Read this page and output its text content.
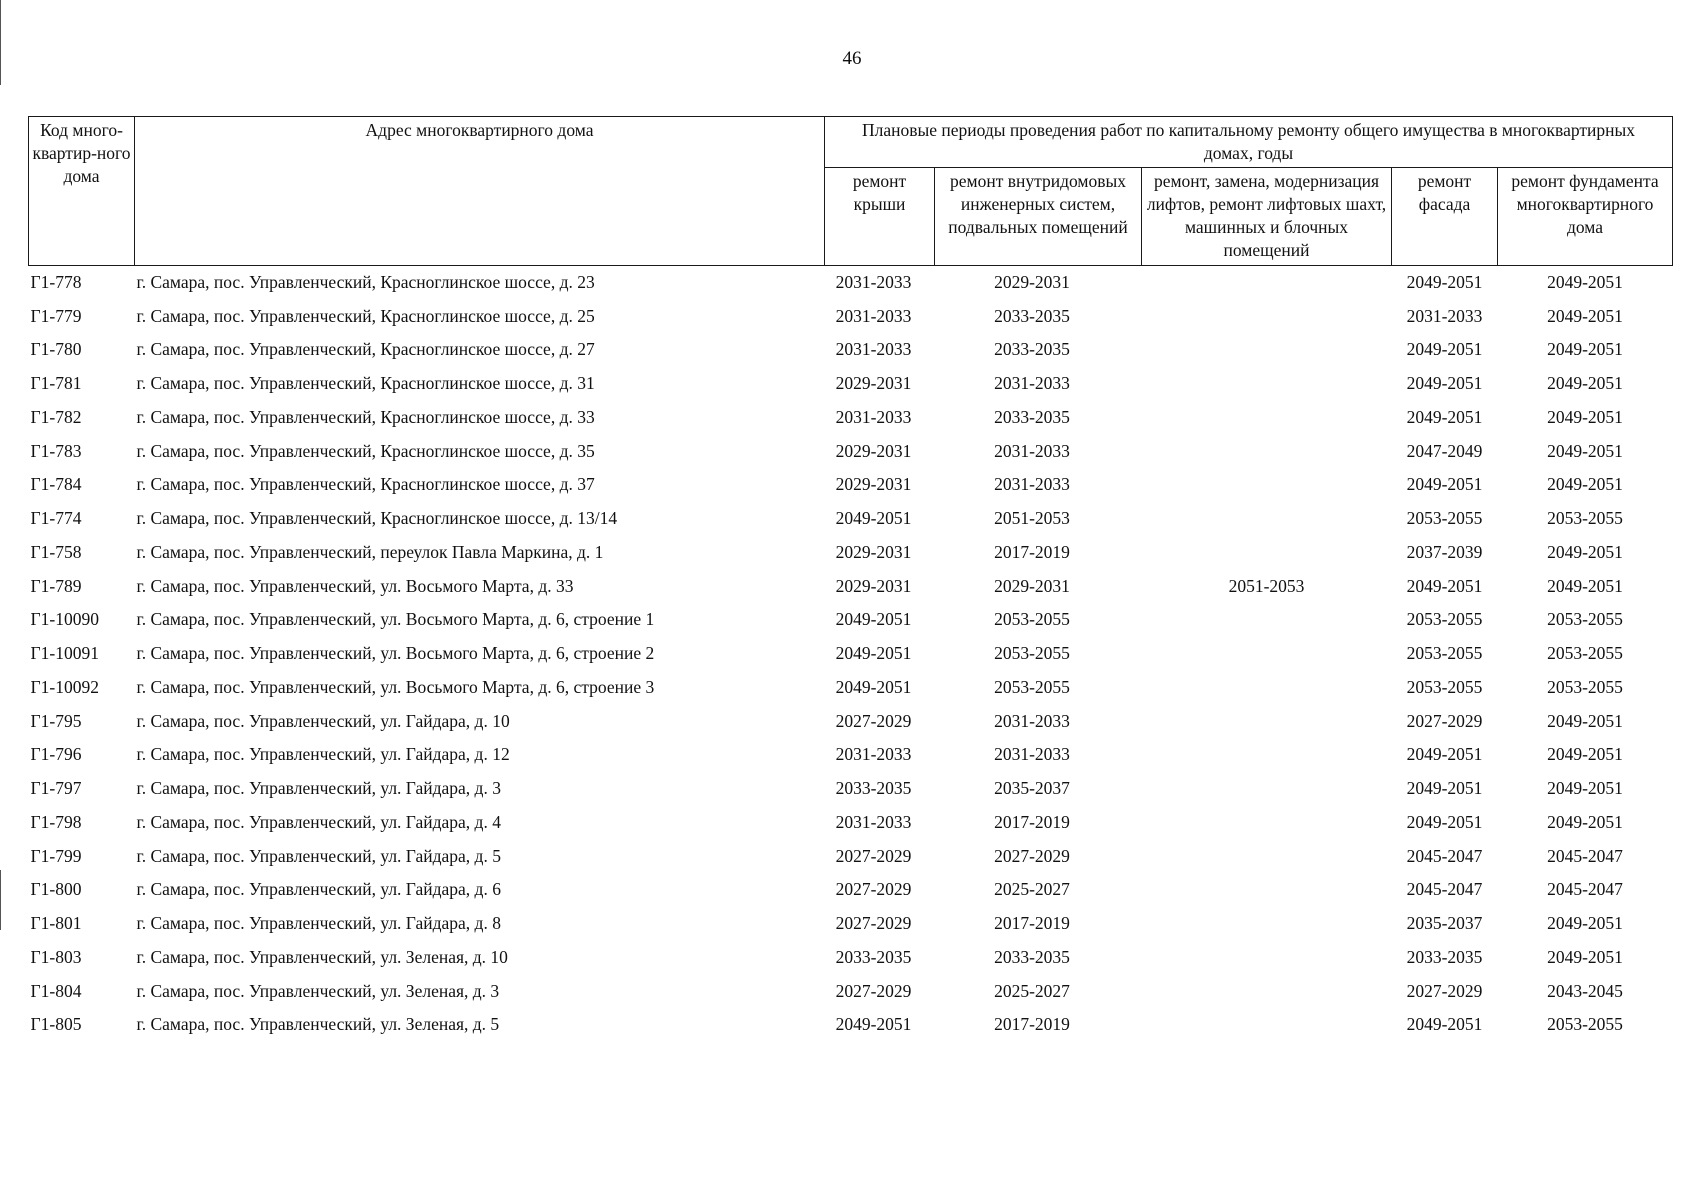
46
Код много-квартир-ного дома	Адрес многоквартирного дома	Плановые периоды проведения работ по капитальному ремонту общего имущества в многоквартирных домах, годы				
		ремонт крыши	ремонт внутридомовых инженерных систем, подвальных помещений	ремонт, замена, модернизация лифтов, ремонт лифтовых шахт, машинных и блочных помещений	ремонт фасада	ремонт фундамента многоквартирного дома
Г1-778	г. Самара, пос. Управленческий, Красноглинское шоссе, д. 23	2031-2033	2029-2031		2049-2051	2049-2051
Г1-779	г. Самара, пос. Управленческий, Красноглинское шоссе, д. 25	2031-2033	2033-2035		2031-2033	2049-2051
Г1-780	г. Самара, пос. Управленческий, Красноглинское шоссе, д. 27	2031-2033	2033-2035		2049-2051	2049-2051
Г1-781	г. Самара, пос. Управленческий, Красноглинское шоссе, д. 31	2029-2031	2031-2033		2049-2051	2049-2051
Г1-782	г. Самара, пос. Управленческий, Красноглинское шоссе, д. 33	2031-2033	2033-2035		2049-2051	2049-2051
Г1-783	г. Самара, пос. Управленческий, Красноглинское шоссе, д. 35	2029-2031	2031-2033		2047-2049	2049-2051
Г1-784	г. Самара, пос. Управленческий, Красноглинское шоссе, д. 37	2029-2031	2031-2033		2049-2051	2049-2051
Г1-774	г. Самара, пос. Управленческий, Красноглинское шоссе, д. 13/14	2049-2051	2051-2053		2053-2055	2053-2055
Г1-758	г. Самара, пос. Управленческий, переулок Павла Маркина, д. 1	2029-2031	2017-2019		2037-2039	2049-2051
Г1-789	г. Самара, пос. Управленческий, ул. Восьмого Марта, д. 33	2029-2031	2029-2031	2051-2053	2049-2051	2049-2051
Г1-10090	г. Самара, пос. Управленческий, ул. Восьмого Марта, д. 6, строение 1	2049-2051	2053-2055		2053-2055	2053-2055
Г1-10091	г. Самара, пос. Управленческий, ул. Восьмого Марта, д. 6, строение 2	2049-2051	2053-2055		2053-2055	2053-2055
Г1-10092	г. Самара, пос. Управленческий, ул. Восьмого Марта, д. 6, строение 3	2049-2051	2053-2055		2053-2055	2053-2055
Г1-795	г. Самара, пос. Управленческий, ул. Гайдара, д. 10	2027-2029	2031-2033		2027-2029	2049-2051
Г1-796	г. Самара, пос. Управленческий, ул. Гайдара, д. 12	2031-2033	2031-2033		2049-2051	2049-2051
Г1-797	г. Самара, пос. Управленческий, ул. Гайдара, д. 3	2033-2035	2035-2037		2049-2051	2049-2051
Г1-798	г. Самара, пос. Управленческий, ул. Гайдара, д. 4	2031-2033	2017-2019		2049-2051	2049-2051
Г1-799	г. Самара, пос. Управленческий, ул. Гайдара, д. 5	2027-2029	2027-2029		2045-2047	2045-2047
Г1-800	г. Самара, пос. Управленческий, ул. Гайдара, д. 6	2027-2029	2025-2027		2045-2047	2045-2047
Г1-801	г. Самара, пос. Управленческий, ул. Гайдара, д. 8	2027-2029	2017-2019		2035-2037	2049-2051
Г1-803	г. Самара, пос. Управленческий, ул. Зеленая, д. 10	2033-2035	2033-2035		2033-2035	2049-2051
Г1-804	г. Самара, пос. Управленческий, ул. Зеленая, д. 3	2027-2029	2025-2027		2027-2029	2043-2045
Г1-805	г. Самара, пос. Управленческий, ул. Зеленая, д. 5	2049-2051	2017-2019		2049-2051	2053-2055
